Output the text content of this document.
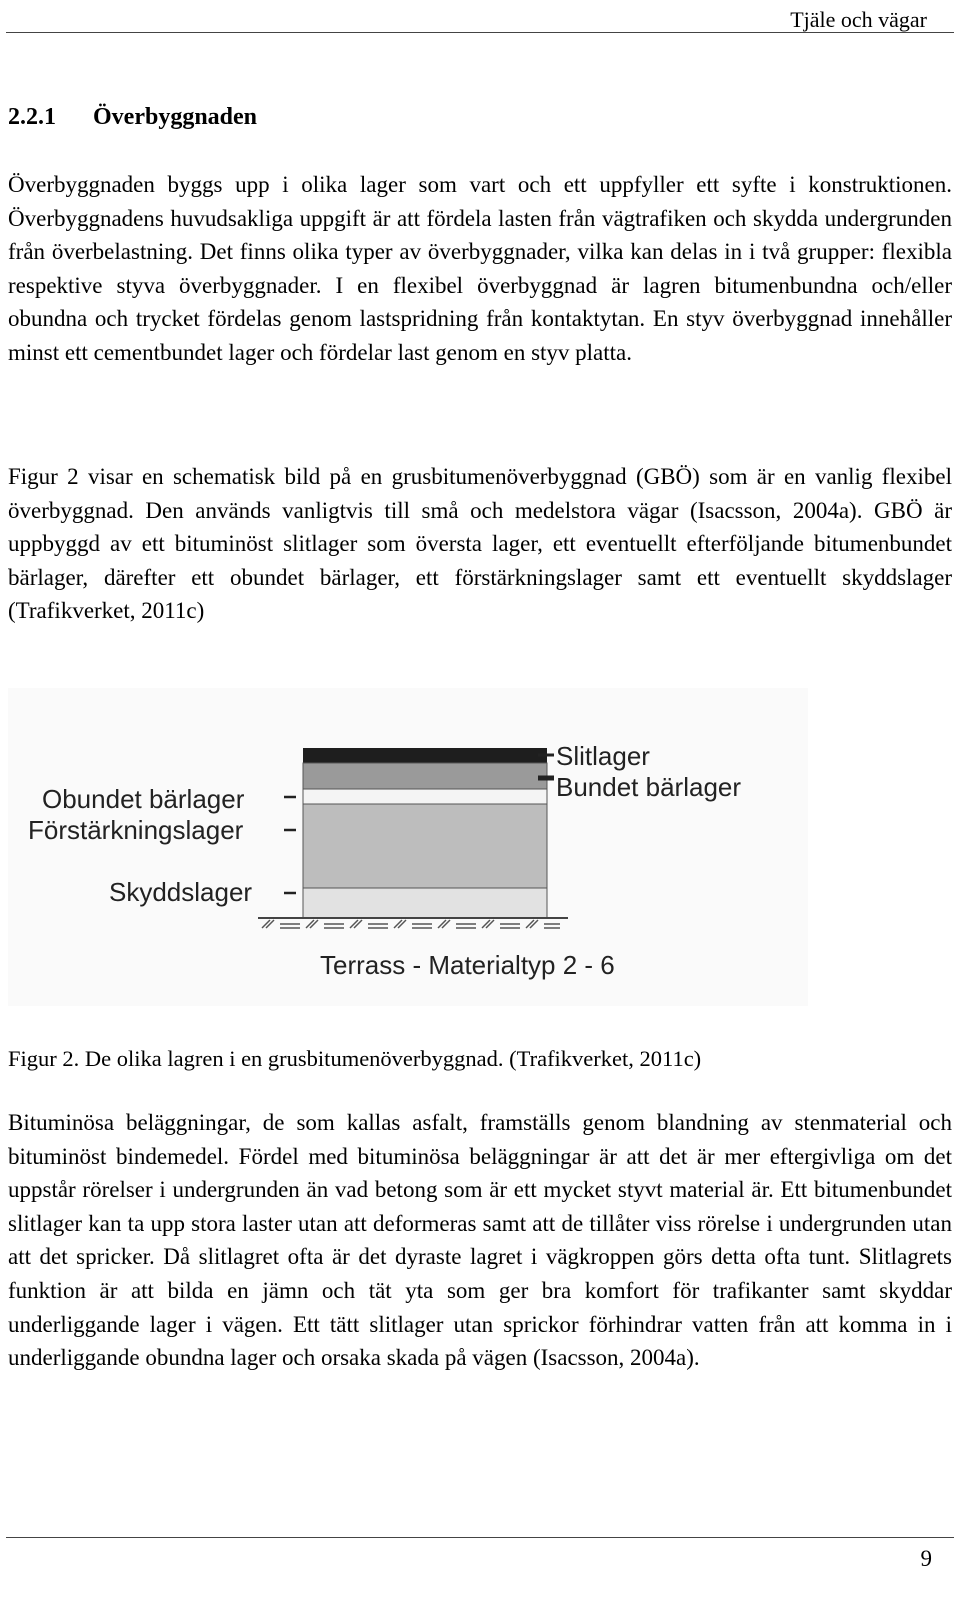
Tjäle och vägar
2.2.1 Överbyggnaden

Överbyggnaden byggs upp i olika lager som vart och ett uppfyller ett syfte i konstruktionen. Överbyggnadens huvudsakliga uppgift är att fördela lasten från vägtrafiken och skydda undergrunden från överbelastning. Det finns olika typer av överbyggnader, vilka kan delas in i två grupper: flexibla respektive styva överbyggnader. I en flexibel överbyggnad är lagren bitumenbundna och/eller obundna och trycket fördelas genom lastspridning från kontaktytan. En styv överbyggnad innehåller minst ett cementbundet lager och fördelar last genom en styv platta.

Figur 2 visar en schematisk bild på en grusbitumenöverbyggnad (GBÖ) som är en vanlig flexibel överbyggnad. Den används vanligtvis till små och medelstora vägar (Isacsson, 2004a). GBÖ är uppbyggd av ett bituminöst slitlager som översta lager, ett eventuellt efterföljande bitumenbundet bärlager, därefter ett obundet bärlager, ett förstärkningslager samt ett eventuellt skyddslager (Trafikverket, 2011c)

Slitlager
Bundet bärlager
Obundet bärlager
Förstärkningslager
Skyddslager
Terrass - Materialtyp 2 - 6
Figur 2. De olika lagren i en grusbitumenöverbyggnad. (Trafikverket, 2011c)

Bituminösa beläggningar, de som kallas asfalt, framställs genom blandning av stenmaterial och bituminöst bindemedel. Fördel med bituminösa beläggningar är att det är mer eftergivliga om det uppstår rörelser i undergrunden än vad betong som är ett mycket styvt material är. Ett bitumenbundet slitlager kan ta upp stora laster utan att deformeras samt att de tillåter viss rörelse i undergrunden utan att det spricker. Då slitlagret ofta är det dyraste lagret i vägkroppen görs detta ofta tunt. Slitlagrets funktion är att bilda en jämn och tät yta som ger bra komfort för trafikanter samt skyddar underliggande lager i vägen. Ett tätt slitlager utan sprickor förhindrar vatten från att komma in i underliggande obundna lager och orsaka skada på vägen (Isacsson, 2004a).

9
